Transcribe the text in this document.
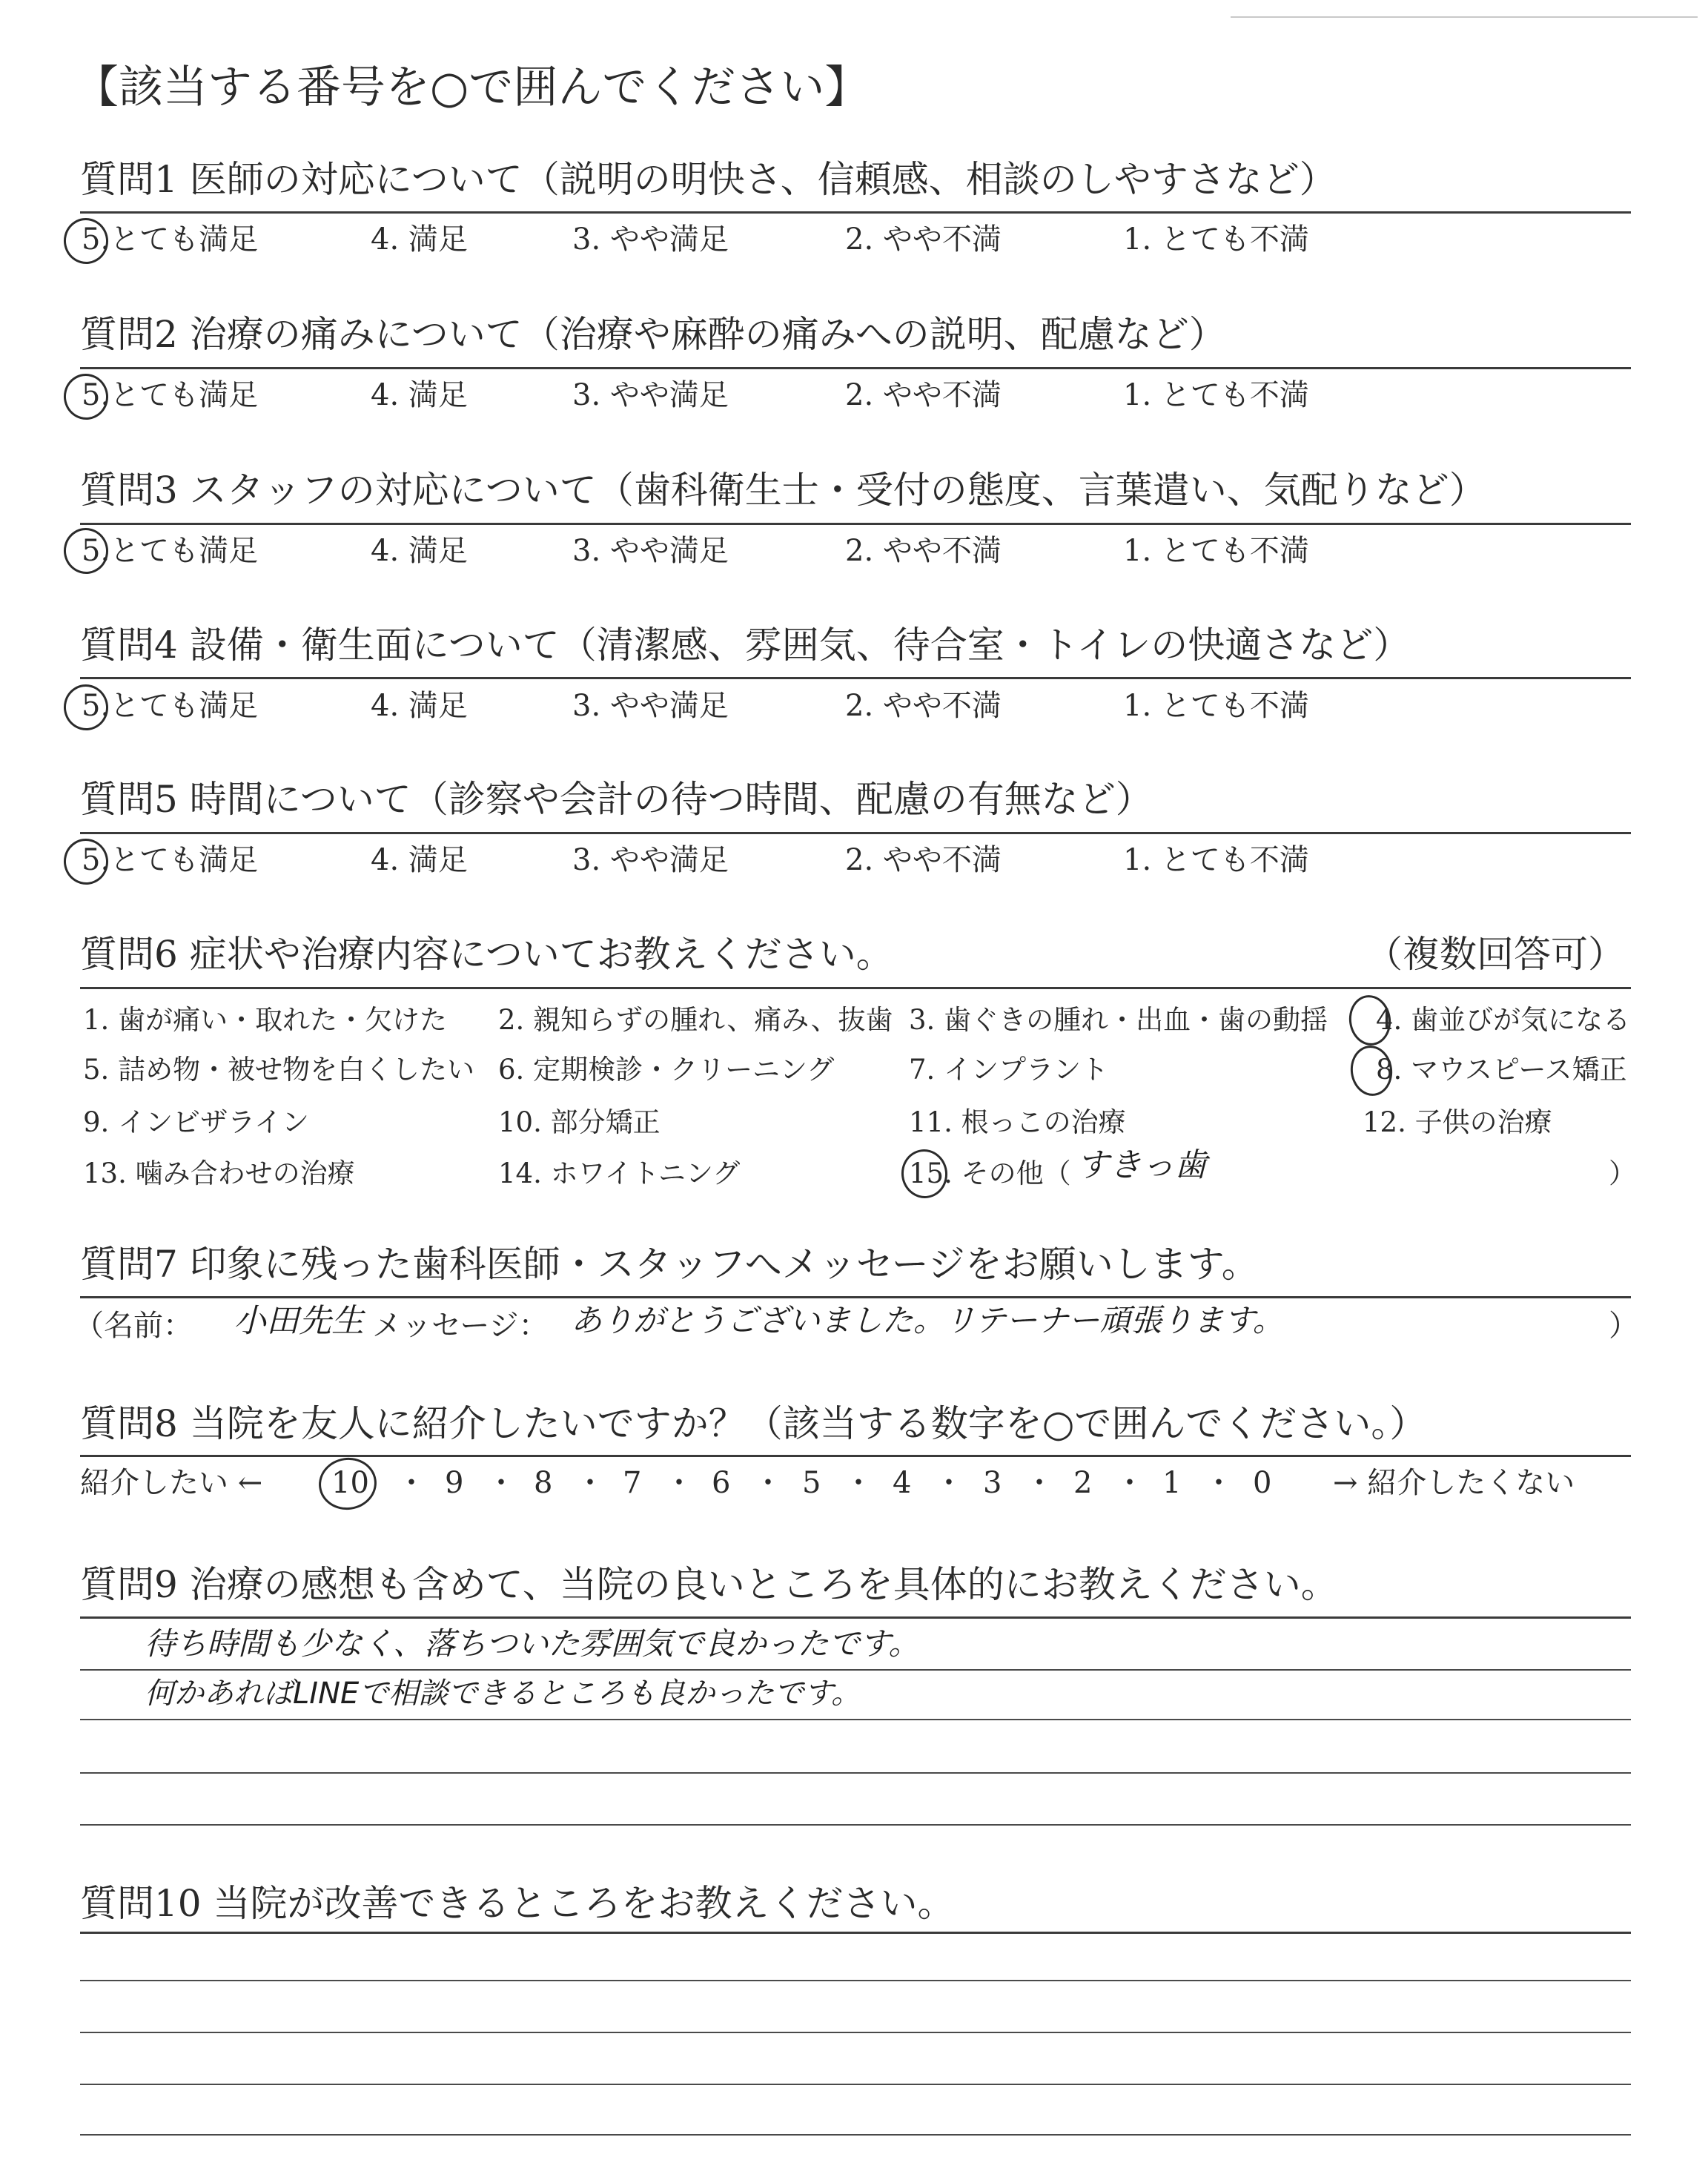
【該当する番号を○で囲んでください】
質問1 医師の対応について（説明の明快さ、信頼感、相談のしやすさなど）
5.とても満足	4. 満足	3. やや満足	2. やや不満	1. とても不満
質問2 治療の痛みについて（治療や麻酔の痛みへの説明、配慮など）
5.とても満足	4. 満足	3. やや満足	2. やや不満	1. とても不満
質問3 スタッフの対応について（歯科衛生士・受付の態度、言葉遣い、気配りなど）
5.とても満足	4. 満足	3. やや満足	2. やや不満	1. とても不満
質問4 設備・衛生面について（清潔感、雰囲気、待合室・トイレの快適さなど）
5.とても満足	4. 満足	3. やや満足	2. やや不満	1. とても不満
質問5 時間について（診察や会計の待つ時間、配慮の有無など）
5.とても満足	4. 満足	3. やや満足	2. やや不満	1. とても不満
質問6 症状や治療内容についてお教えください。	（複数回答可）
1. 歯が痛い・取れた・欠けた 2. 親知らずの腫れ、痛み、抜歯 3. 歯ぐきの腫れ・出血・歯の動揺 4. 歯並びが気になる
5. 詰め物・被せ物を白くしたい 6. 定期検診・クリーニング	7. インプラント	8. マウスピース矯正
9. インビザライン	10. 部分矯正	11. 根っこの治療	12. 子供の治療
13. 噛み合わせの治療	14. ホワイトニング	15. その他（ すきっ歯	）
質問7 印象に残った歯科医師・スタッフへメッセージをお願いします。
（名前： 小田先生 メッセージ： ありがとうございました。リテーナー頑張ります。	）
質問8 当院を友人に紹介したいですか？（該当する数字を○で囲んでください。）
紹介したい ← 10 ・ 9 ・ 8 ・ 7 ・ 6 ・ 5 ・ 4 ・ 3 ・ 2 ・ 1 ・ 0 → 紹介したくない
質問9 治療の感想も含めて、当院の良いところを具体的にお教えください。
待ち時間も少なく、落ちついた雰囲気で良かったです。
何かあればLINEで相談できるところも良かったです。
質問10 当院が改善できるところをお教えください。
